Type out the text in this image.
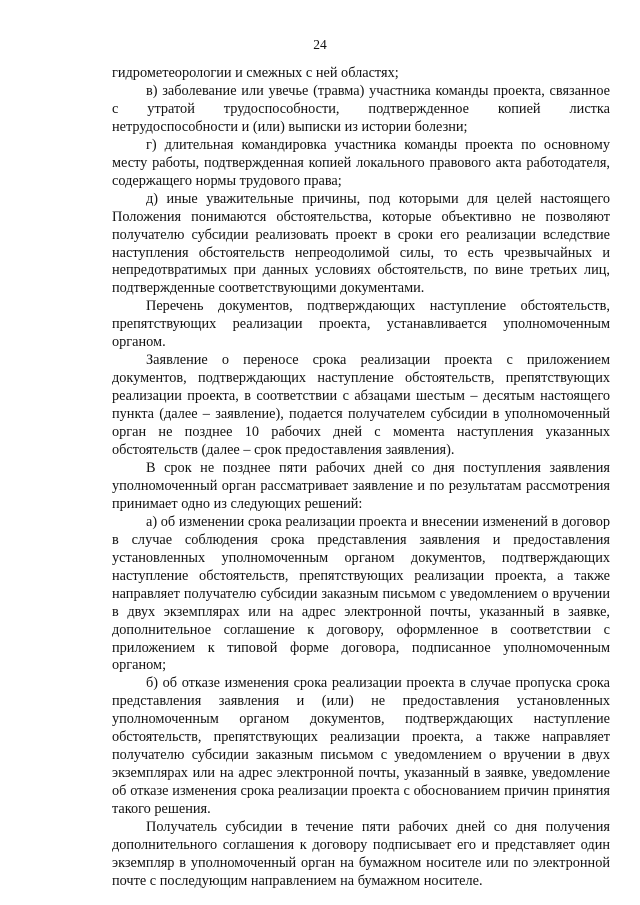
24

гидрометеорологии и смежных с ней областях;

в) заболевание или увечье (травма) участника команды проекта, связанное с утратой трудоспособности, подтвержденное копией листка нетрудоспособности и (или) выписки из истории болезни;

г) длительная командировка участника команды проекта по основному месту работы, подтвержденная копией локального правового акта работодателя, содержащего нормы трудового права;

д) иные уважительные причины, под которыми для целей настоящего Положения понимаются обстоятельства, которые объективно не позволяют получателю субсидии реализовать проект в сроки его реализации вследствие наступления обстоятельств непреодолимой силы, то есть чрезвычайных и непредотвратимых при данных условиях обстоятельств, по вине третьих лиц, подтвержденные соответствующими документами.

Перечень документов, подтверждающих наступление обстоятельств, препятствующих реализации проекта, устанавливается уполномоченным органом.

Заявление о переносе срока реализации проекта с приложением документов, подтверждающих наступление обстоятельств, препятствующих реализации проекта, в соответствии с абзацами шестым – десятым настоящего пункта (далее – заявление), подается получателем субсидии в уполномоченный орган не позднее 10 рабочих дней с момента наступления указанных обстоятельств (далее – срок предоставления заявления).

В срок не позднее пяти рабочих дней со дня поступления заявления уполномоченный орган рассматривает заявление и по результатам рассмотрения принимает одно из следующих решений:

а) об изменении срока реализации проекта и внесении изменений в договор в случае соблюдения срока представления заявления и предоставления установленных уполномоченным органом документов, подтверждающих наступление обстоятельств, препятствующих реализации проекта, а также направляет получателю субсидии заказным письмом с уведомлением о вручении в двух экземплярах или на адрес электронной почты, указанный в заявке, дополнительное соглашение к договору, оформленное в соответствии с приложением к типовой форме договора, подписанное уполномоченным органом;

б) об отказе изменения срока реализации проекта в случае пропуска срока представления заявления и (или) не предоставления установленных уполномоченным органом документов, подтверждающих наступление обстоятельств, препятствующих реализации проекта, а также направляет получателю субсидии заказным письмом с уведомлением о вручении в двух экземплярах или на адрес электронной почты, указанный в заявке, уведомление об отказе изменения срока реализации проекта с обоснованием причин принятия такого решения.

Получатель субсидии в течение пяти рабочих дней со дня получения дополнительного соглашения к договору подписывает его и представляет один экземпляр в уполномоченный орган на бумажном носителе или по электронной почте с последующим направлением на бумажном носителе.
